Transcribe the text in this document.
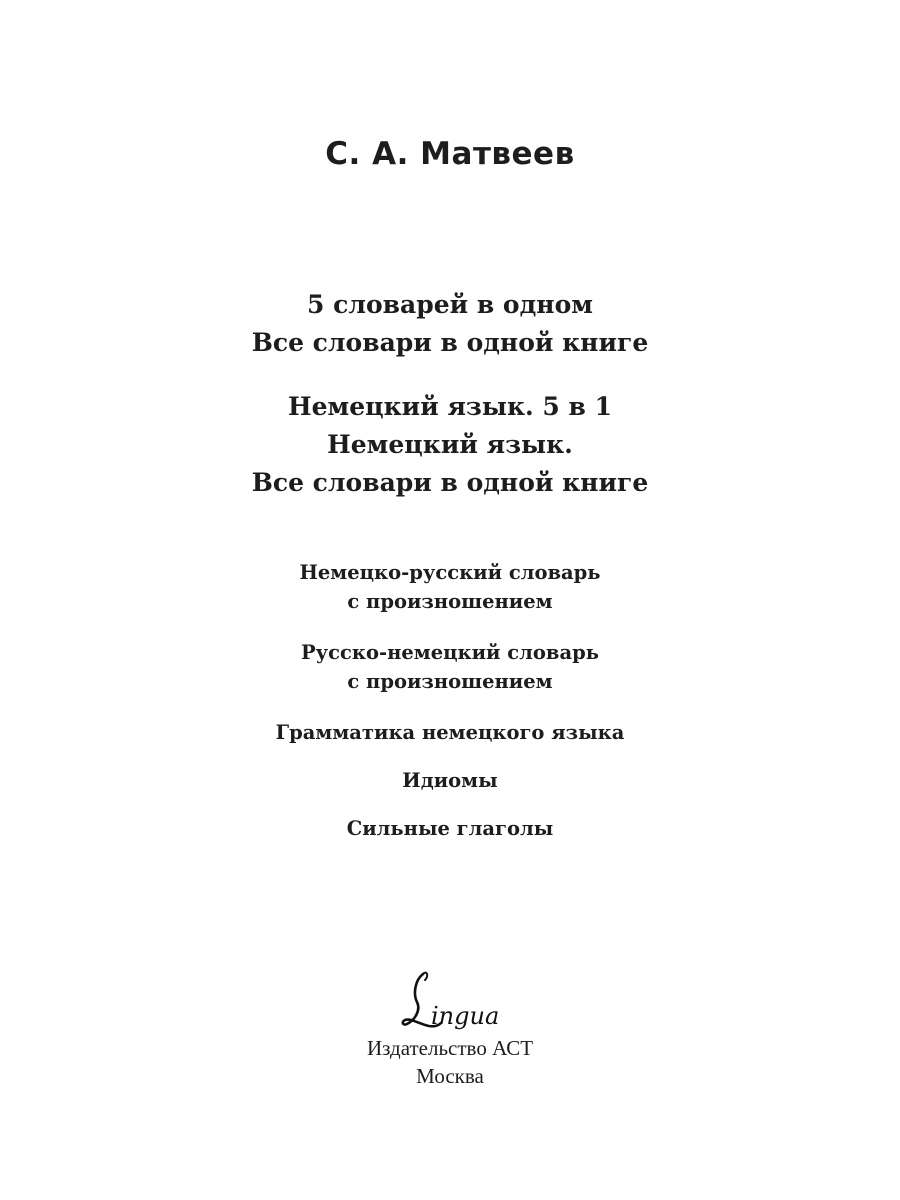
С. А. Матвеев
5 словарей в одном
Все словари в одной книге
Немецкий язык. 5 в 1
Немецкий язык.
Все словари в одной книге
Немецко-русский словарь
с произношением
Русско-немецкий словарь
с произношением
Грамматика немецкого языка
Идиомы
Сильные глаголы
ingua
Издательство АСТ
Москва
